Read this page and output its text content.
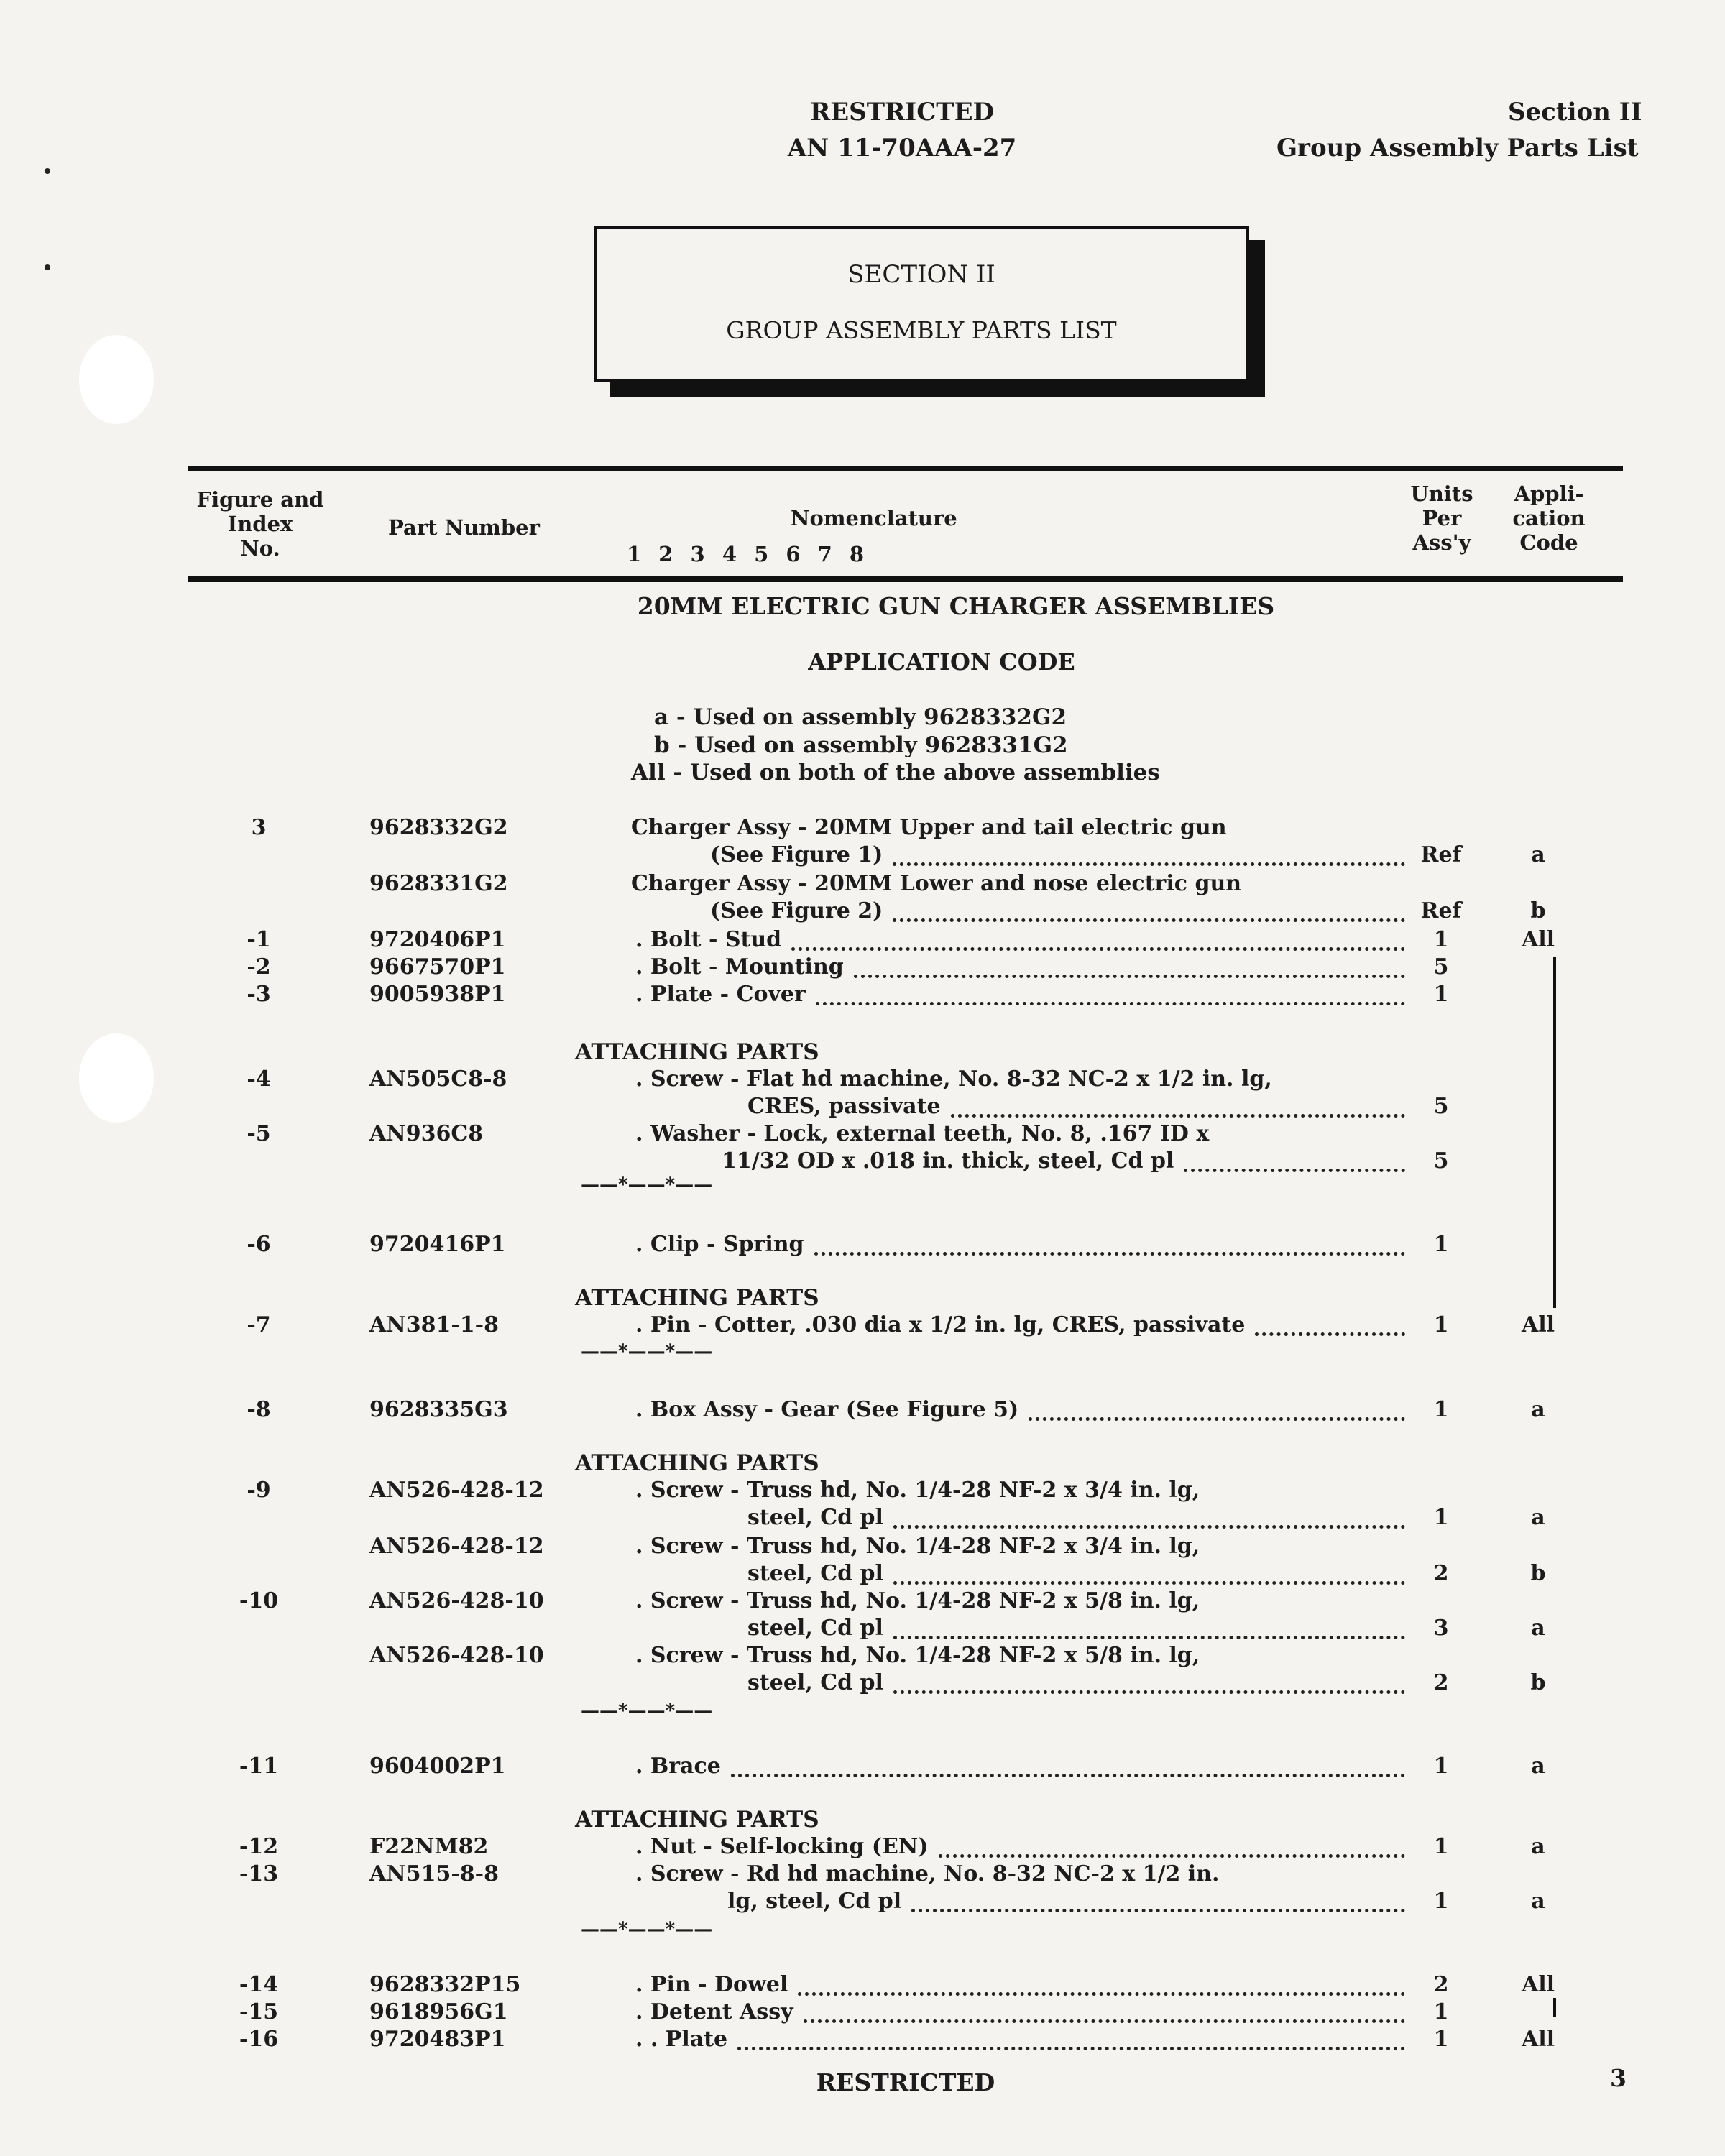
RESTRICTED
AN 11-70AAA-27
Section II
Group Assembly Parts List
SECTION II
GROUP ASSEMBLY PARTS LIST
Figure and
Index
No.
Part Number	Nomenclature
1 2 3 4 5 6 7 8
Units
Per
Ass'y
Appli-
cation
Code
20MM ELECTRIC GUN CHARGER ASSEMBLIES
APPLICATION CODE
a - Used on assembly 9628332G2
b - Used on assembly 9628331G2
All - Used on both of the above assemblies
ATTACHING PARTS
ATTACHING PARTS
ATTACHING PARTS
ATTACHING PARTS
——*——*——
——*——*——
——*——*——
——*——*——
3	9628332G2	Charger Assy - 20MM Upper and tail electric gun
(See Figure 1)	Ref	a
9628331G2	Charger Assy - 20MM Lower and nose electric gun
(See Figure 2)	Ref	b
-1	9720406P1	. Bolt - Stud	1	All
-2	9667570P1	. Bolt - Mounting	5
-3	9005938P1	. Plate - Cover	1
-4	AN505C8-8	. Screw - Flat hd machine, No. 8-32 NC-2 x 1/2 in. lg,
CRES, passivate	5
-5	AN936C8	. Washer - Lock, external teeth, No. 8, .167 ID x
11/32 OD x .018 in. thick, steel, Cd pl	5
-6	9720416P1	. Clip - Spring	1
-7	AN381-1-8	. Pin - Cotter, .030 dia x 1/2 in. lg, CRES, passivate	1	All
-8	9628335G3	. Box Assy - Gear (See Figure 5)	1	a
-9	AN526-428-12	. Screw - Truss hd, No. 1/4-28 NF-2 x 3/4 in. lg,
steel, Cd pl	1	a
AN526-428-12	. Screw - Truss hd, No. 1/4-28 NF-2 x 3/4 in. lg,
steel, Cd pl	2	b
-10	AN526-428-10	. Screw - Truss hd, No. 1/4-28 NF-2 x 5/8 in. lg,
steel, Cd pl	3	a
AN526-428-10	. Screw - Truss hd, No. 1/4-28 NF-2 x 5/8 in. lg,
steel, Cd pl	2	b
-11	9604002P1	. Brace	1	a
-12	F22NM82	. Nut - Self-locking (EN)	1	a
-13	AN515-8-8	. Screw - Rd hd machine, No. 8-32 NC-2 x 1/2 in.
lg, steel, Cd pl	1	a
-14	9628332P15	. Pin - Dowel	2	All
-15	9618956G1	. Detent Assy	1
-16	9720483P1	. . Plate	1	All
RESTRICTED	3
